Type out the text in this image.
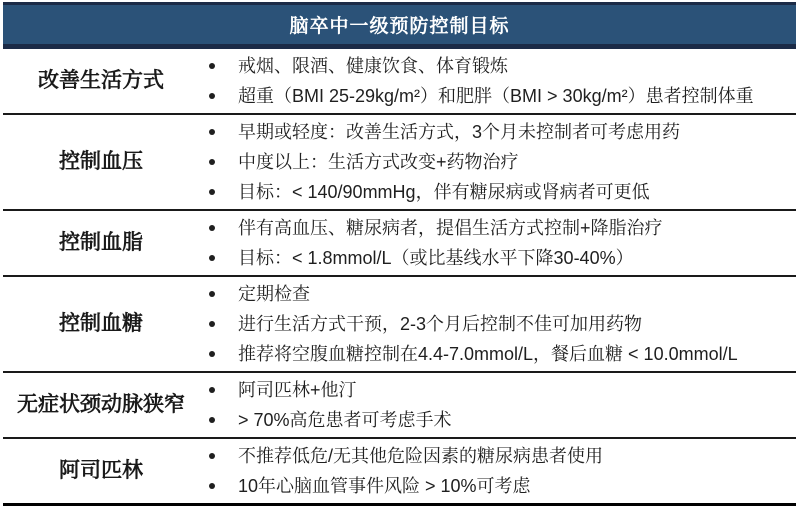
脑卒中一级预防控制目标
改善生活方式
戒烟、限酒、健康饮食、体育锻炼
超重（BMI 25-29kg/m²）和肥胖（BMI > 30kg/m²）患者控制体重
控制血压
早期或轻度：改善生活方式，3个月未控制者可考虑用药
中度以上：生活方式改变+药物治疗
目标：< 140/90mmHg，伴有糖尿病或肾病者可更低
控制血脂
伴有高血压、糖尿病者，提倡生活方式控制+降脂治疗
目标：< 1.8mmol/L（或比基线水平下降30-40%）
控制血糖
定期检查
进行生活方式干预，2-3个月后控制不佳可加用药物
推荐将空腹血糖控制在4.4-7.0mmol/L，餐后血糖 < 10.0mmol/L
无症状颈动脉狭窄
阿司匹林+他汀
> 70%高危患者可考虑手术
阿司匹林
不推荐低危/无其他危险因素的糖尿病患者使用
10年心脑血管事件风险 > 10%可考虑
